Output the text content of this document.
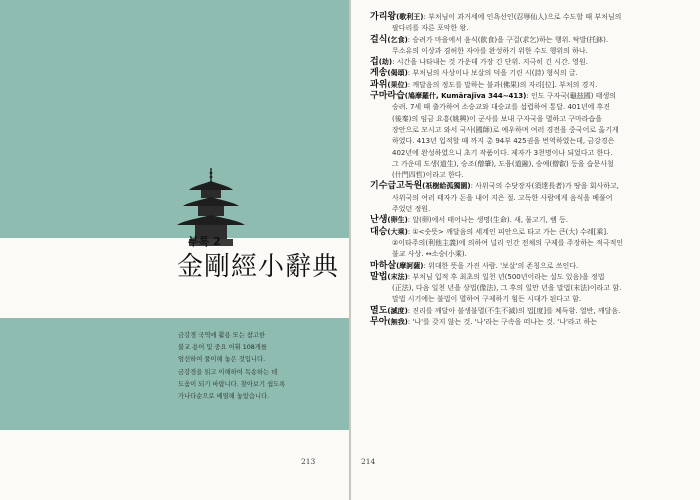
부록 2
金剛經小辭典
금강경 국역에 활용 또는 참고한
불교 용어 및 중요 어휘 108개를
엄선하여 풀이해 놓은 것입니다.
금강경을 읽고 이해하여 독송하는 데
도움이 되기 바랍니다. 찾아보기 쉽도록
가나다순으로 배열해 놓았습니다.
213
가리왕(歌利王): 부처님이 과거세에 인욕선인(忍辱仙人)으로 수도할 때 부처님의
팔다리를 자른 포악한 왕.
걸식(乞食): 승려가 마을에서 음식(飮食)을 구걸(求乞)하는 행위. 탁발(托鉢).
무소유의 이상과 겸허한 자아를 완성하기 위한 수도 행위의 하나.
겁(劫): 시간을 나타내는 것 가운데 가장 긴 단위. 지극히 긴 시간. 영원.
게송(偈頌): 부처님의 사상이나 보살의 덕을 기린 시(詩) 형식의 글.
과위(果位): 깨달음의 정도를 말하는 불과(佛果)의 자리[位]. 부처의 경지.
구마라습(鳩摩羅什, Kumārajīva 344~413): 인도 구자국(龜玆國) 태생의
승려. 7세 때 출가하여 소승교와 대승교를 섭렵하여 통달. 401년에 후진
(後秦)의 임금 요흥(姚興)이 군사를 보내 구자국을 멸하고 구마라습을
장안으로 모시고 와서 국사(國師)로 예우하며 여러 경전을 중국어로 옮기게
하였다. 413년 입적할 때 까지 총 94부 425권을 번역하였는데, 금강경은
402년에 완성하였으니 초기 작품이다. 제자가 3천명이나 되었다고 한다.
그 가운데 도생(道生), 승조(僧肇), 도융(道融), 승예(僧叡) 등을 습문사철
(什門四哲)이라고 한다.
기수급고독원(祇樹給孤獨園): 사위국의 수닷장자(須達長者)가 땅을 회사하고,
사위국의 여러 태자가 돈을 내어 지은 절. 고독한 사람에게 음식을 베풀어
주었던 정원.
난생(卵生): 알(卵)에서 태어나는 생명(生命). 새, 물고기, 뱀 등.
대승(大乘): ①<숫뜻> 깨달음의 세계인 피안으로 타고 가는 큰(大) 수레[乘].
②이타주의(利他主義)에 의하여 널리 인간 전체의 구제를 주장하는 적극적인
불교 사상. ↔소승(小乘).
마하살(摩訶薩): 위대한 뜻을 가진 사람. '보살'의 존칭으로 쓰인다.
말법(末法): 부처님 입적 후 최초의 일천 년(500년이라는 설도 있음)을 정법
(正法), 다음 일천 년을 상법(像法), 그 후의 일만 년을 말법(末法)이라고 함.
말법 시기에는 불법이 멸하여 구제하기 힘든 시대가 된다고 함.
멸도(滅度): 진리를 깨달아 불생불멸(不生不滅)의 법[度]를 체득함. 열반, 깨달음.
무아(無我): '나'를 갖지 않는 것. '나'라는 구속을 떠나는 것. '나'라고 하는
214
